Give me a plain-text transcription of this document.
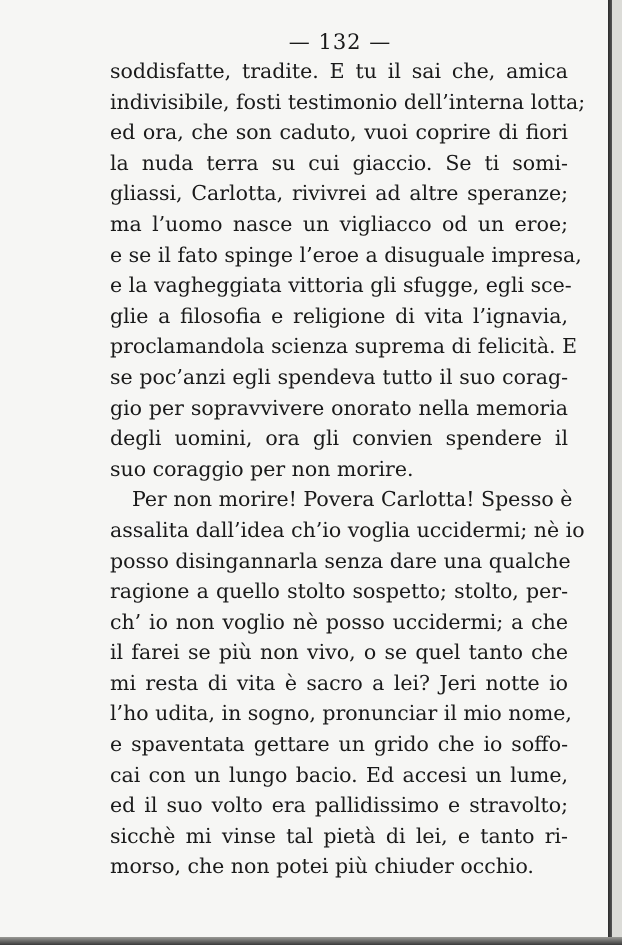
— 132 —
soddisfatte, tradite. E tu il sai che, amica
indivisibile, fosti testimonio dell’interna lotta;
ed ora, che son caduto, vuoi coprire di fiori
la nuda terra su cui giaccio. Se ti somi-
gliassi, Carlotta, rivivrei ad altre speranze;
ma l’uomo nasce un vigliacco od un eroe;
e se il fato spinge l’eroe a disuguale impresa,
e la vagheggiata vittoria gli sfugge, egli sce-
glie a filosofia e religione di vita l’ignavia,
proclamandola scienza suprema di felicità. E
se poc’anzi egli spendeva tutto il suo corag-
gio per sopravvivere onorato nella memoria
degli uomini, ora gli convien spendere il
suo coraggio per non morire.
Per non morire! Povera Carlotta! Spesso è
assalita dall’idea ch’io voglia uccidermi; nè io
posso disingannarla senza dare una qualche
ragione a quello stolto sospetto; stolto, per-
ch’ io non voglio nè posso uccidermi; a che
il farei se più non vivo, o se quel tanto che
mi resta di vita è sacro a lei? Jeri notte io
l’ho udita, in sogno, pronunciar il mio nome,
e spaventata gettare un grido che io soffo-
cai con un lungo bacio. Ed accesi un lume,
ed il suo volto era pallidissimo e stravolto;
sicchè mi vinse tal pietà di lei, e tanto ri-
morso, che non potei più chiuder occhio.
